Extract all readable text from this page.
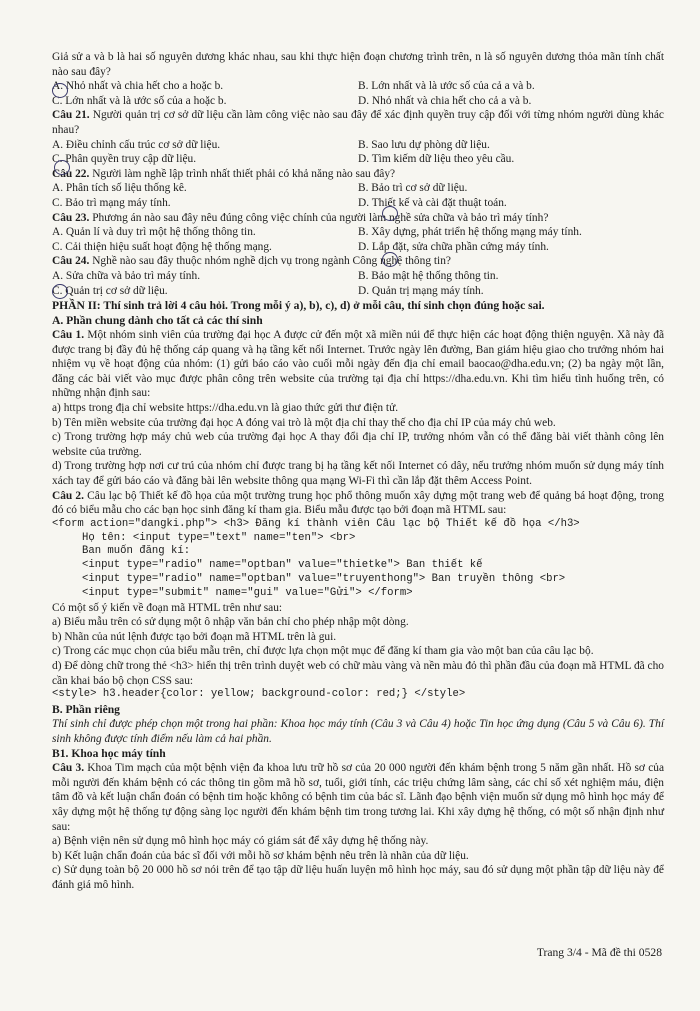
Giả sử a và b là hai số nguyên dương khác nhau, sau khi thực hiện đoạn chương trình trên, n là số nguyên dương thỏa mãn tính chất nào sau đây?

A. Nhỏ nhất và chia hết cho a hoặc b.	B. Lớn nhất và là ước số của cả a và b.
C. Lớn nhất và là ước số của a hoặc b.	D. Nhỏ nhất và chia hết cho cả a và b.

Câu 21. Người quản trị cơ sở dữ liệu cần làm công việc nào sau đây để xác định quyền truy cập đối với từng nhóm người dùng khác nhau?

A. Điều chỉnh cấu trúc cơ sở dữ liệu.	B. Sao lưu dự phòng dữ liệu.
C. Phân quyền truy cập dữ liệu.	D. Tìm kiếm dữ liệu theo yêu cầu.

Câu 22. Người làm nghề lập trình nhất thiết phải có khả năng nào sau đây?

A. Phân tích số liệu thống kê.	B. Bảo trì cơ sở dữ liệu.
C. Bảo trì mạng máy tính.	D. Thiết kế và cài đặt thuật toán.

Câu 23. Phương án nào sau đây nêu đúng công việc chính của người làm nghề sửa chữa và bảo trì máy tính?

A. Quản lí và duy trì một hệ thống thông tin.	B. Xây dựng, phát triển hệ thống mạng máy tính.
C. Cải thiện hiệu suất hoạt động hệ thống mạng.	D. Lắp đặt, sửa chữa phần cứng máy tính.

Câu 24. Nghề nào sau đây thuộc nhóm nghề dịch vụ trong ngành Công nghệ thông tin?

A. Sửa chữa và bảo trì máy tính.	B. Bảo mật hệ thống thông tin.
C. Quản trị cơ sở dữ liệu.	D. Quản trị mạng máy tính.

PHẦN II: Thí sinh trả lời 4 câu hỏi. Trong mỗi ý a), b), c), d) ở mỗi câu, thí sinh chọn đúng hoặc sai.

A. Phần chung dành cho tất cả các thí sinh

Câu 1. Một nhóm sinh viên của trường đại học A được cử đến một xã miền núi để thực hiện các hoạt động thiện nguyện. Xã này đã được trang bị đầy đủ hệ thống cáp quang và hạ tầng kết nối Internet. Trước ngày lên đường, Ban giám hiệu giao cho trưởng nhóm hai nhiệm vụ về hoạt động của nhóm: (1) gửi báo cáo vào cuối mỗi ngày đến địa chỉ email baocao@dha.edu.vn; (2) ba ngày một lần, đăng các bài viết vào mục được phân công trên website của trường tại địa chỉ https://dha.edu.vn. Khi tìm hiểu tình huống trên, có những nhận định sau:

a) https trong địa chỉ website https://dha.edu.vn là giao thức gửi thư điện tử.

b) Tên miền website của trường đại học A đóng vai trò là một địa chỉ thay thế cho địa chỉ IP của máy chủ web.

c) Trong trường hợp máy chủ web của trường đại học A thay đổi địa chỉ IP, trưởng nhóm vẫn có thể đăng bài viết thành công lên website của trường.

d) Trong trường hợp nơi cư trú của nhóm chỉ được trang bị hạ tầng kết nối Internet có dây, nếu trưởng nhóm muốn sử dụng máy tính xách tay để gửi báo cáo và đăng bài lên website thông qua mạng Wi-Fi thì cần lắp đặt thêm Access Point.

Câu 2. Câu lạc bộ Thiết kế đồ họa của một trường trung học phổ thông muốn xây dựng một trang web để quảng bá hoạt động, trong đó có biểu mẫu cho các bạn học sinh đăng kí tham gia. Biểu mẫu được tạo bởi đoạn mã HTML sau:

<form action="dangki.php"> <h3> Đăng kí thành viên Câu lạc bộ Thiết kế đồ họa </h3>

Họ tên: <input type="text" name="ten"> <br>

Ban muốn đăng kí:

<input type="radio" name="optban" value="thietke"> Ban thiết kế

<input type="radio" name="optban" value="truyenthong"> Ban truyền thông <br>

<input type="submit" name="gui" value="Gửi"> </form>

Có một số ý kiến về đoạn mã HTML trên như sau:

a) Biểu mẫu trên có sử dụng một ô nhập văn bản chỉ cho phép nhập một dòng.

b) Nhãn của nút lệnh được tạo bởi đoạn mã HTML trên là gui.

c) Trong các mục chọn của biểu mẫu trên, chỉ được lựa chọn một mục để đăng kí tham gia vào một ban của câu lạc bộ.

d) Để dòng chữ trong thẻ <h3> hiển thị trên trình duyệt web có chữ màu vàng và nền màu đỏ thì phần đầu của đoạn mã HTML đã cho cần khai báo bộ chọn CSS sau:

<style> h3.header{color: yellow; background-color: red;} </style>

B. Phần riêng

Thí sinh chỉ được phép chọn một trong hai phần: Khoa học máy tính (Câu 3 và Câu 4) hoặc Tin học ứng dụng (Câu 5 và Câu 6). Thí sinh không được tính điểm nếu làm cả hai phần.

B1. Khoa học máy tính

Câu 3. Khoa Tim mạch của một bệnh viện đa khoa lưu trữ hồ sơ của 20 000 người đến khám bệnh trong 5 năm gần nhất. Hồ sơ của mỗi người đến khám bệnh có các thông tin gồm mã hồ sơ, tuổi, giới tính, các triệu chứng lâm sàng, các chỉ số xét nghiệm máu, điện tâm đồ và kết luận chẩn đoán có bệnh tim hoặc không có bệnh tim của bác sĩ. Lãnh đạo bệnh viện muốn sử dụng mô hình học máy để xây dựng một hệ thống tự động sàng lọc người đến khám bệnh tim trong tương lai. Khi xây dựng hệ thống, có một số nhận định như sau:

a) Bệnh viện nên sử dụng mô hình học máy có giám sát để xây dựng hệ thống này.

b) Kết luận chẩn đoán của bác sĩ đối với mỗi hồ sơ khám bệnh nêu trên là nhãn của dữ liệu.

c) Sử dụng toàn bộ 20 000 hồ sơ nói trên để tạo tập dữ liệu huấn luyện mô hình học máy, sau đó sử dụng một phần tập dữ liệu này để đánh giá mô hình.

Trang 3/4 - Mã đề thi 0528
